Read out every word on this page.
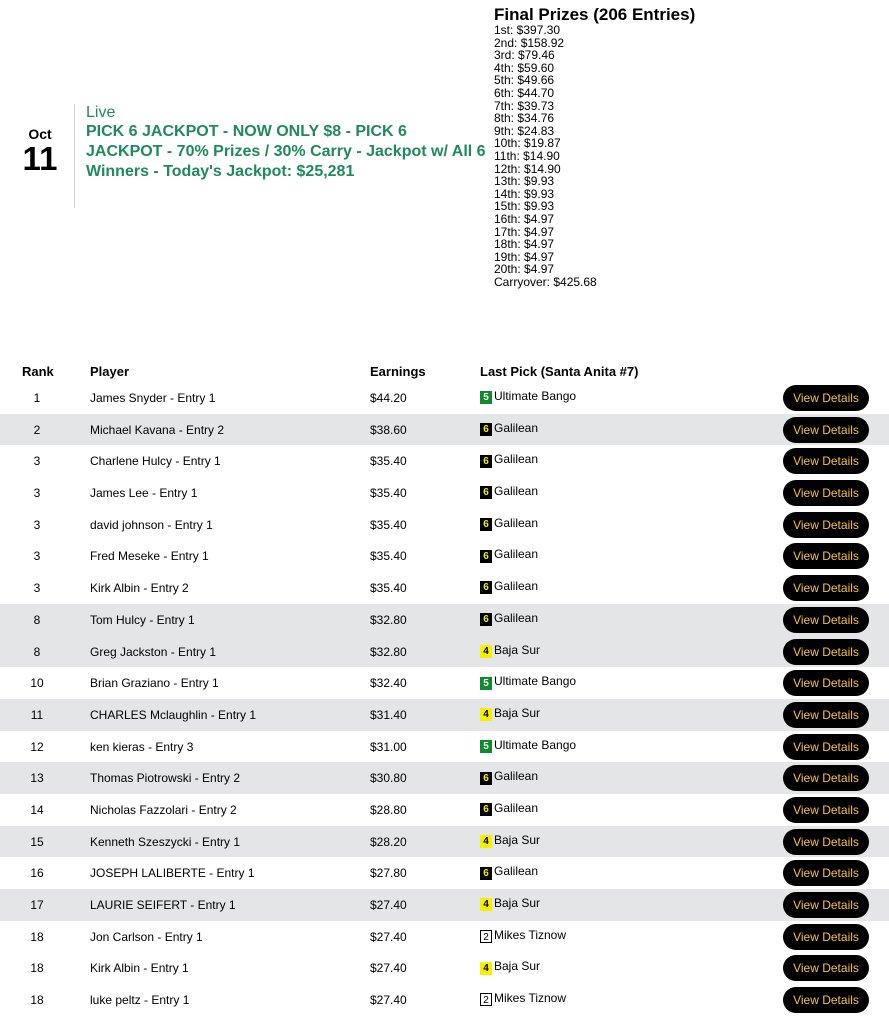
Oct
11
Live
PICK 6 JACKPOT - NOW ONLY $8 - PICK 6 JACKPOT - 70% Prizes / 30% Carry - Jackpot w/ All 6 Winners - Today's Jackpot: $25,281
Final Prizes (206 Entries)
1st: $397.30
2nd: $158.92
3rd: $79.46
4th: $59.60
5th: $49.66
6th: $44.70
7th: $39.73
8th: $34.76
9th: $24.83
10th: $19.87
11th: $14.90
12th: $14.90
13th: $9.93
14th: $9.93
15th: $9.93
16th: $4.97
17th: $4.97
18th: $4.97
19th: $4.97
20th: $4.97
Carryover: $425.68
Rank	Player	Earnings	Last Pick (Santa Anita #7)
1	James Snyder - Entry 1	$44.20	5 Ultimate Bango	View Details
2	Michael Kavana - Entry 2	$38.60	6 Galilean	View Details
3	Charlene Hulcy - Entry 1	$35.40	6 Galilean	View Details
3	James Lee - Entry 1	$35.40	6 Galilean	View Details
3	david johnson - Entry 1	$35.40	6 Galilean	View Details
3	Fred Meseke - Entry 1	$35.40	6 Galilean	View Details
3	Kirk Albin - Entry 2	$35.40	6 Galilean	View Details
8	Tom Hulcy - Entry 1	$32.80	6 Galilean	View Details
8	Greg Jackston - Entry 1	$32.80	4 Baja Sur	View Details
10	Brian Graziano - Entry 1	$32.40	5 Ultimate Bango	View Details
11	CHARLES Mclaughlin - Entry 1	$31.40	4 Baja Sur	View Details
12	ken kieras - Entry 3	$31.00	5 Ultimate Bango	View Details
13	Thomas Piotrowski - Entry 2	$30.80	6 Galilean	View Details
14	Nicholas Fazzolari - Entry 2	$28.80	6 Galilean	View Details
15	Kenneth Szeszycki - Entry 1	$28.20	4 Baja Sur	View Details
16	JOSEPH LALIBERTE - Entry 1	$27.80	6 Galilean	View Details
17	LAURIE SEIFERT - Entry 1	$27.40	4 Baja Sur	View Details
18	Jon Carlson - Entry 1	$27.40	2 Mikes Tiznow	View Details
18	Kirk Albin - Entry 1	$27.40	4 Baja Sur	View Details
18	luke peltz - Entry 1	$27.40	2 Mikes Tiznow	View Details
